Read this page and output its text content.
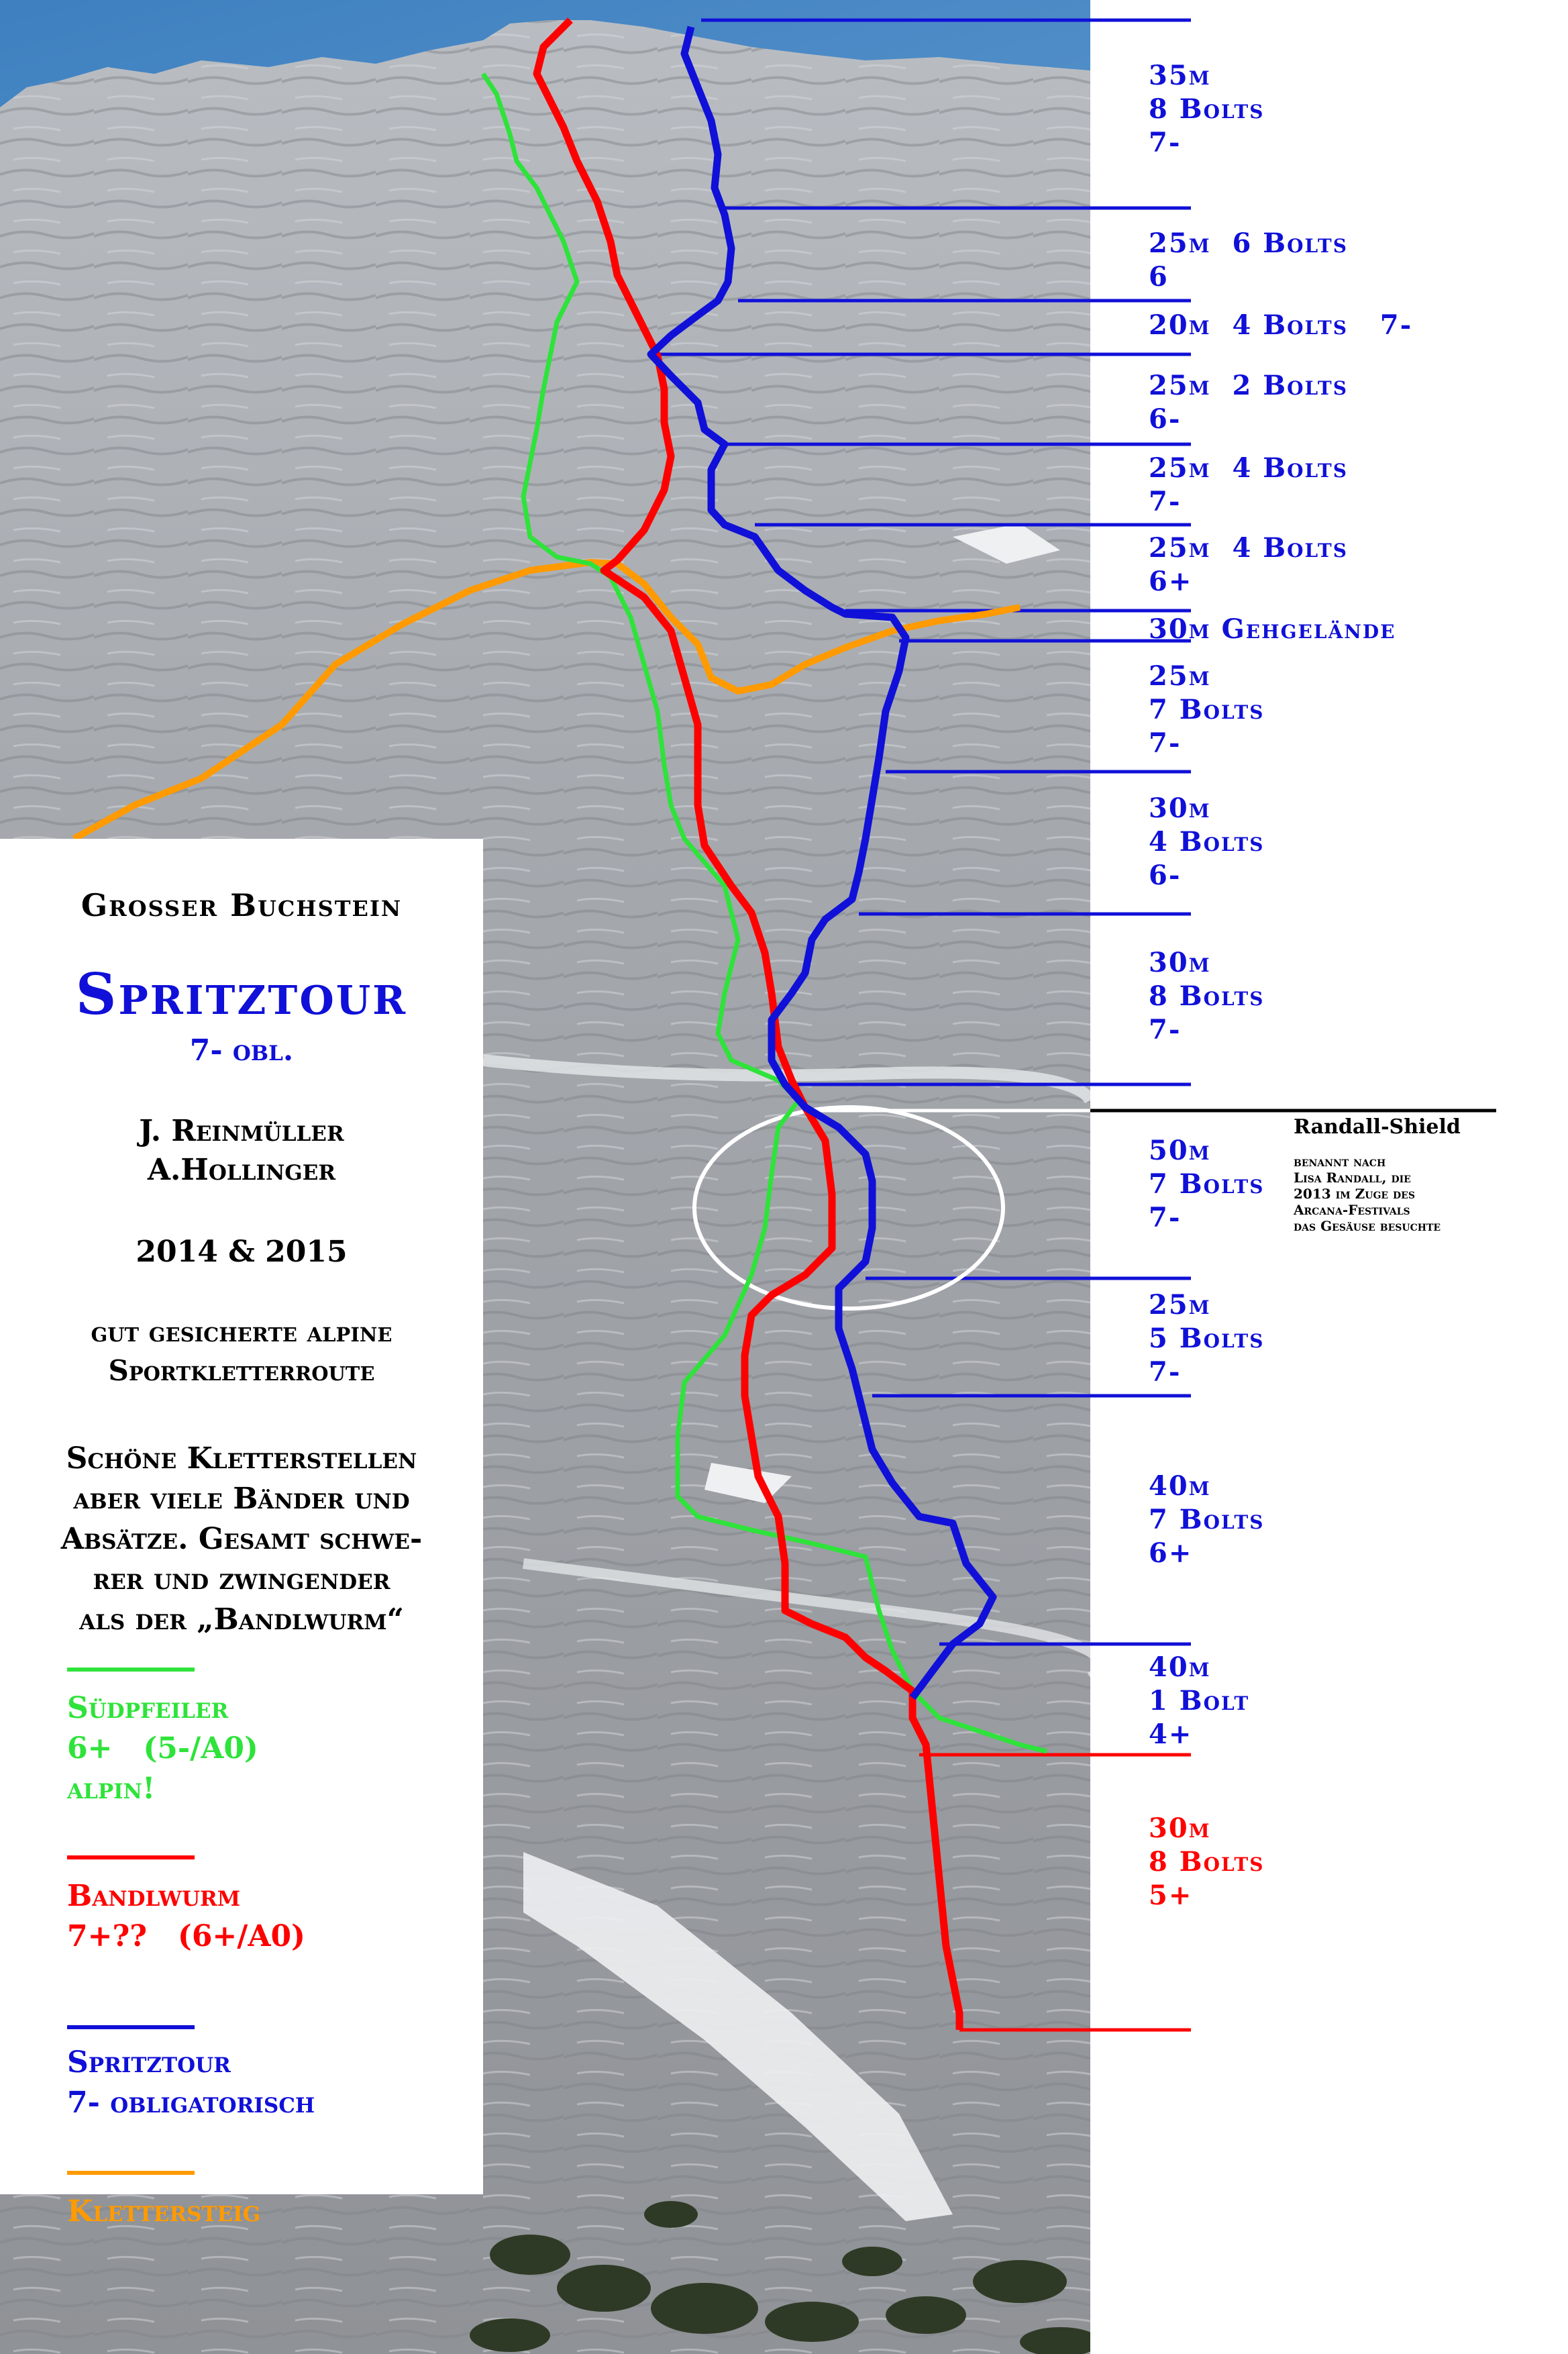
Grosser Buchstein
Spritztour
7- obl.
J. Reinmüller
A.Hollinger
2014 & 2015
gut gesicherte alpine
Sportkletterroute
Schöne Kletterstellen
aber viele Bänder und
Absätze. Gesamt schwe-
rer und zwingender
als der „Bandlwurm“
Südpfeiler
6+   (5-/A0)
alpin!
Bandlwurm
7+??   (6+/A0)
Spritztour
7- obligatorisch
Klettersteig
35m
8 Bolts
7-
25m 6 Bolts
6
20m 4 Bolts 7-
25m 2 Bolts
6-
25m 4 Bolts
7-
25m 4 Bolts
6+
30m Gehgelände
25m
7 Bolts
7-
30m
4 Bolts
6-
30m
8 Bolts
7-
50m
7 Bolts
7-
25m
5 Bolts
7-
40m
7 Bolts
6+
40m
1 Bolt
4+
30m
8 Bolts
5+
Randall-Shield
benannt nach
Lisa Randall, die
2013 im Zuge des
Arcana-Festivals
das Gesäuse besuchte
